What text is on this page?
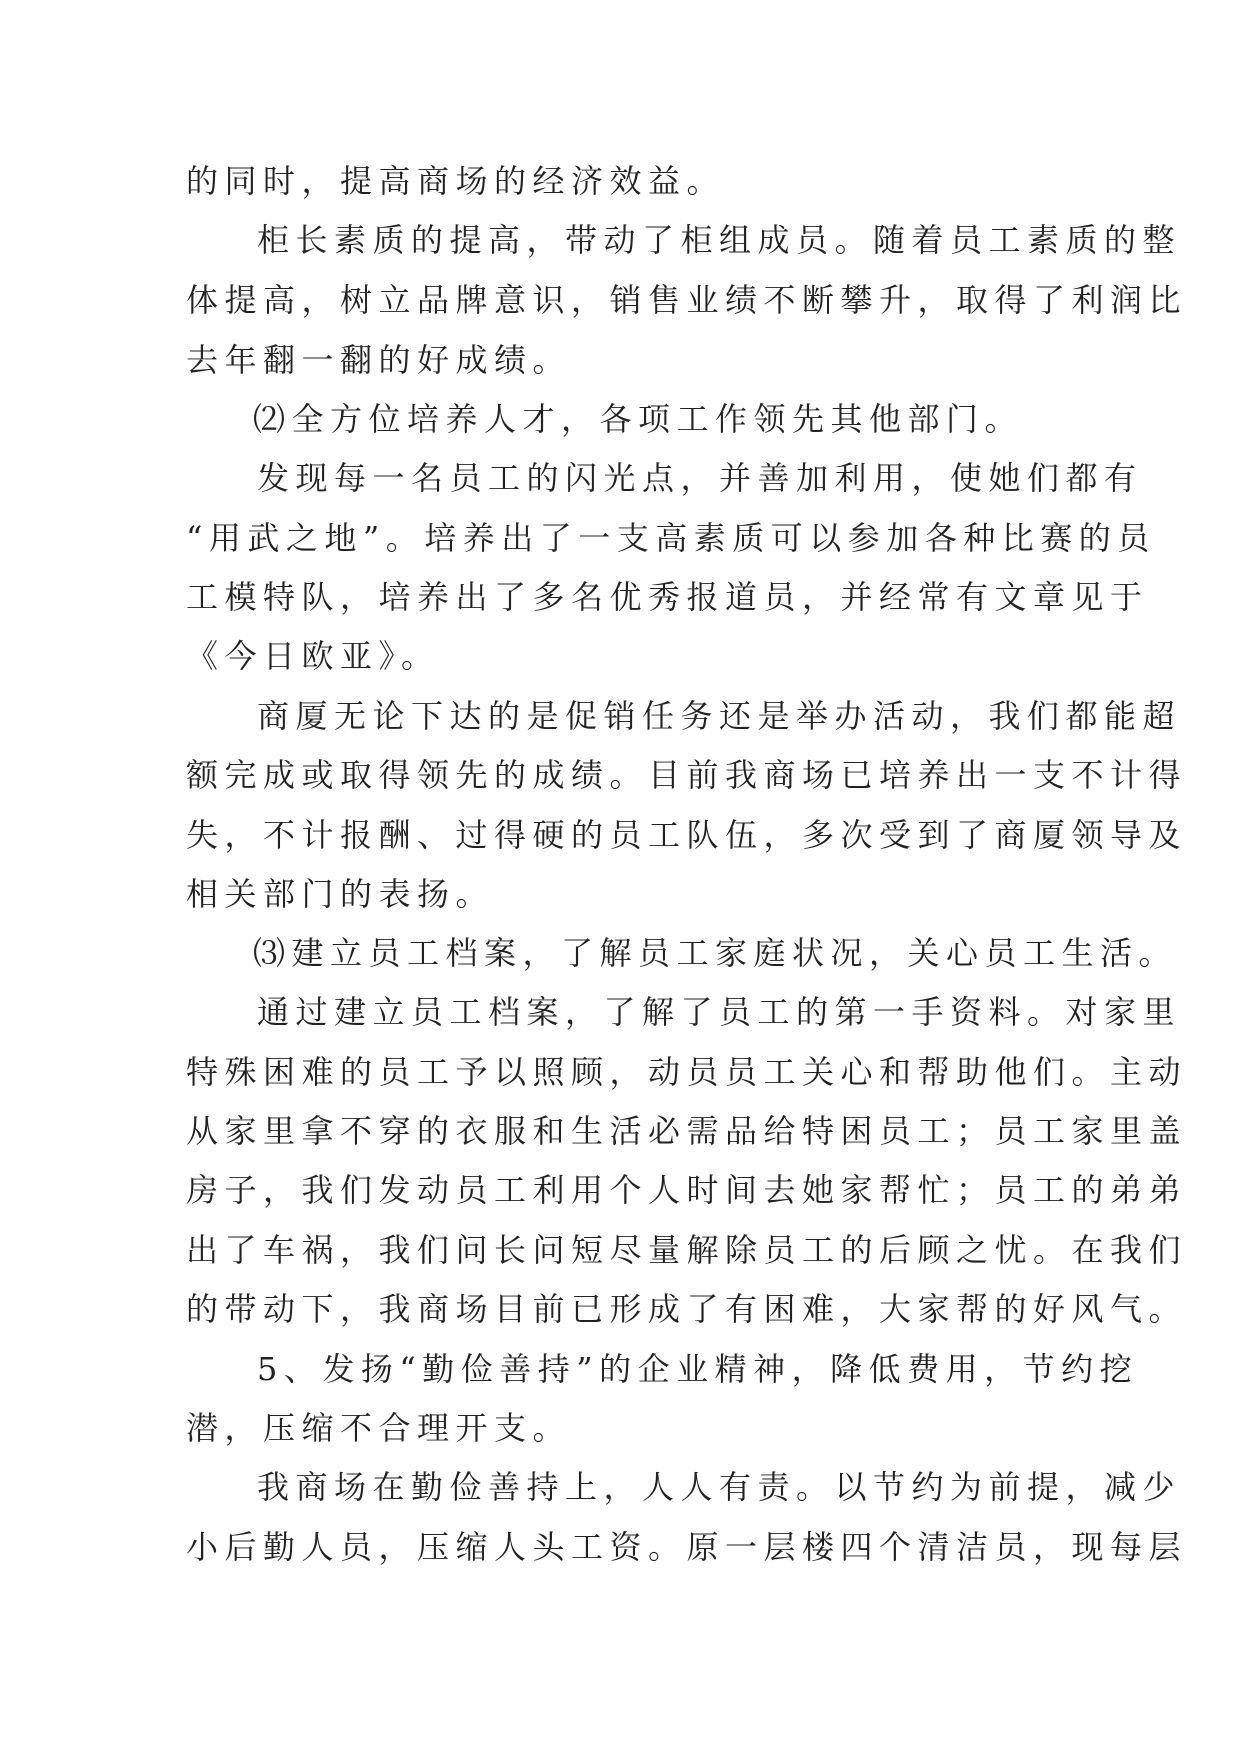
的同时，提高商场的经济效益。
柜长素质的提高，带动了柜组成员。随着员工素质的整
体提高，树立品牌意识，销售业绩不断攀升，取得了利润比
去年翻一翻的好成绩。
⑵全方位培养人才，各项工作领先其他部门。
发现每一名员工的闪光点，并善加利用，使她们都有
“用武之地”。培养出了一支高素质可以参加各种比赛的员
工模特队，培养出了多名优秀报道员，并经常有文章见于
《今日欧亚》。
商厦无论下达的是促销任务还是举办活动，我们都能超
额完成或取得领先的成绩。目前我商场已培养出一支不计得
失，不计报酬、过得硬的员工队伍，多次受到了商厦领导及
相关部门的表扬。
⑶建立员工档案，了解员工家庭状况，关心员工生活。
通过建立员工档案，了解了员工的第一手资料。对家里
特殊困难的员工予以照顾，动员员工关心和帮助他们。主动
从家里拿不穿的衣服和生活必需品给特困员工；员工家里盖
房子，我们发动员工利用个人时间去她家帮忙；员工的弟弟
出了车祸，我们问长问短尽量解除员工的后顾之忧。在我们
的带动下，我商场目前已形成了有困难，大家帮的好风气。
5、发扬“勤俭善持”的企业精神，降低费用，节约挖
潜，压缩不合理开支。
我商场在勤俭善持上，人人有责。以节约为前提，减少
小后勤人员，压缩人头工资。原一层楼四个清洁员，现每层
